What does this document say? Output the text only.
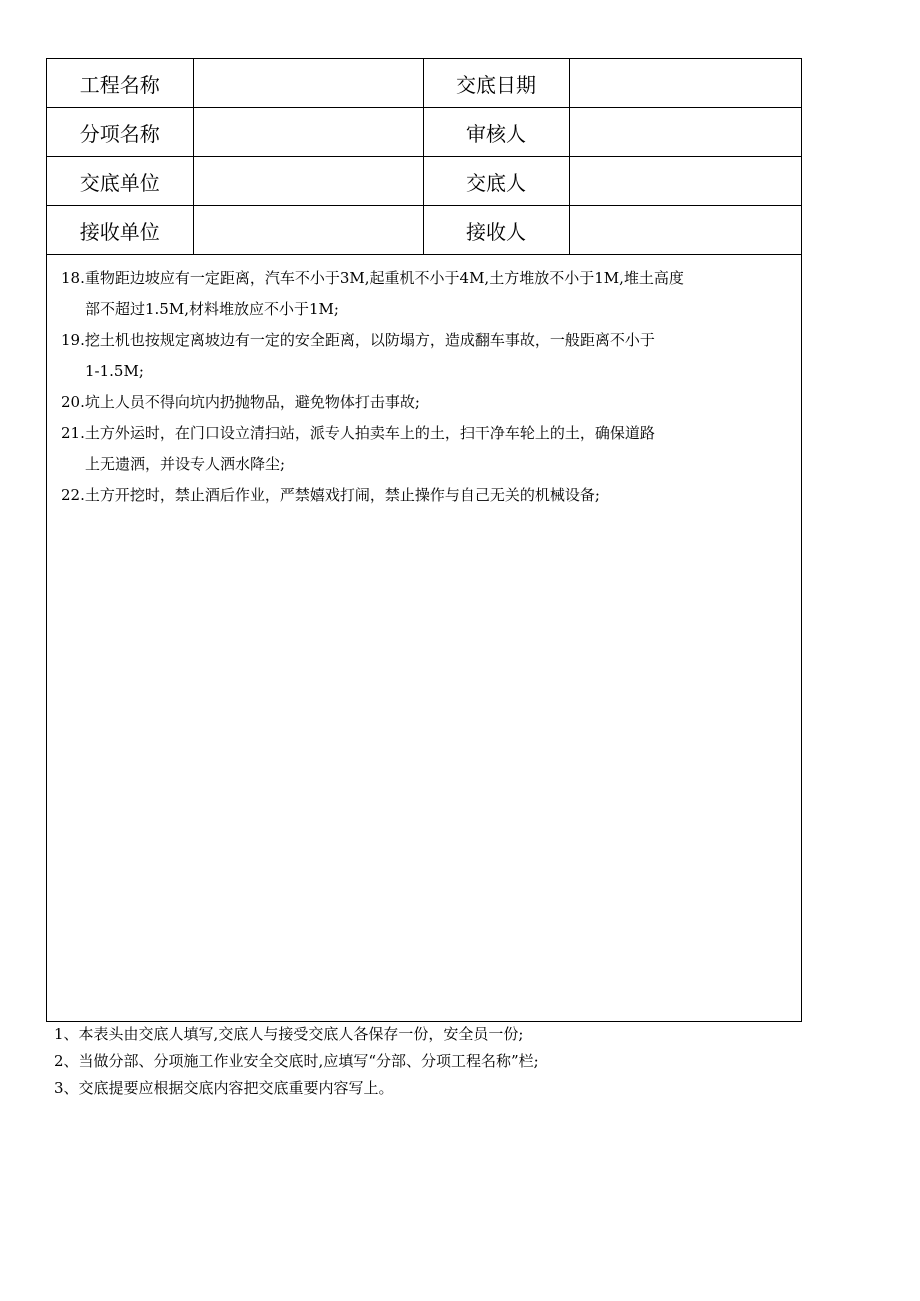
工程名称		交底日期	
分项名称		审核人	
交底单位		交底人	
接收单位		接收人	
18.重物距边坡应有一定距离，汽车不小于3M,起重机不小于4M,土方堆放不小于1M,堆土高度
部不超过1.5M,材料堆放应不小于1M;
19.挖土机也按规定离坡边有一定的安全距离，以防塌方，造成翻车事故，一般距离不小于
1-1.5M;
20.坑上人员不得向坑内扔抛物品，避免物体打击事故;
21.土方外运时，在门口设立清扫站，派专人拍卖车上的土，扫干净车轮上的土，确保道路
上无遗洒，并设专人洒水降尘;
22.土方开挖时，禁止酒后作业，严禁嬉戏打闹，禁止操作与自己无关的机械设备;
1、本表头由交底人填写,交底人与接受交底人各保存一份，安全员一份;
2、当做分部、分项施工作业安全交底时,应填写“分部、分项工程名称”栏;
3、交底提要应根据交底内容把交底重要内容写上。
